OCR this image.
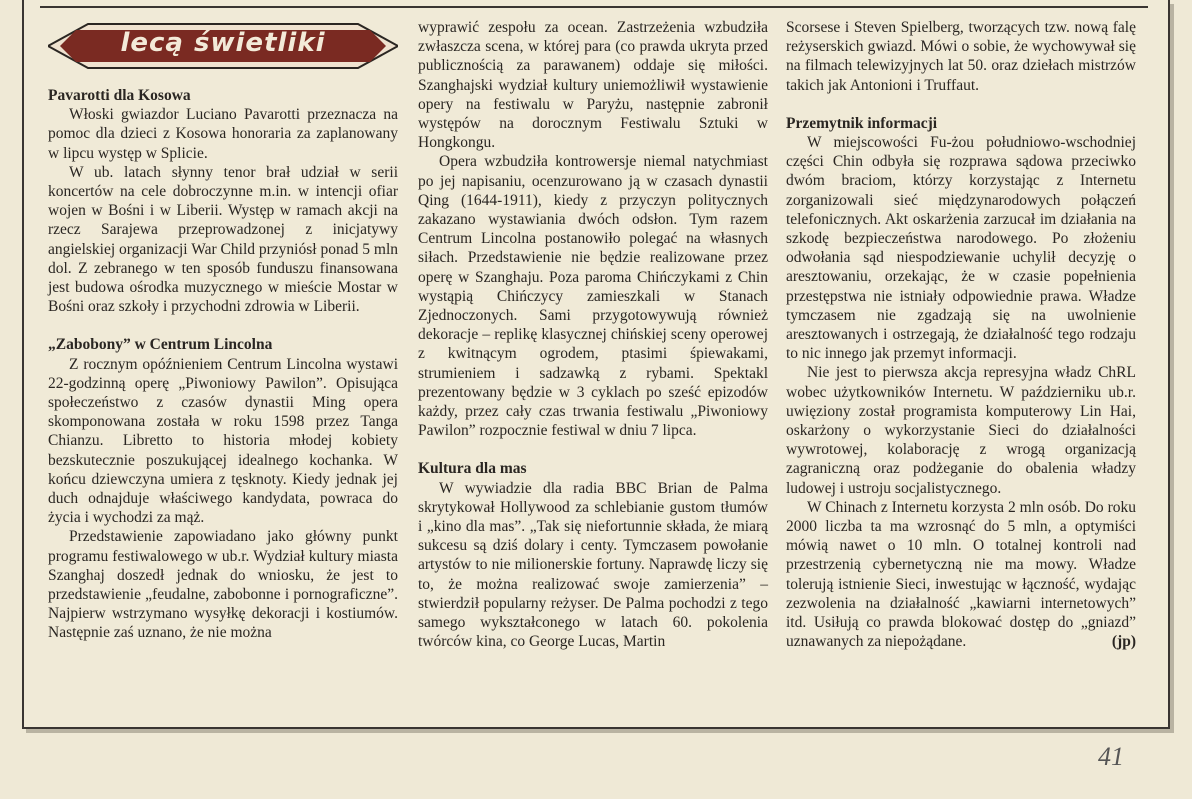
lecą świetliki
Pavarotti dla Kosowa

Włoski gwiazdor Luciano Pavarotti przeznacza na pomoc dla dzieci z Kosowa honoraria za zaplanowany w lipcu występ w Splicie.

W ub. latach słynny tenor brał udział w serii koncertów na cele dobroczynne m.in. w intencji ofiar wojen w Bośni i w Liberii. Występ w ramach akcji na rzecz Sarajewa przeprowadzonej z inicjatywy angielskiej organizacji War Child przyniósł ponad 5 mln dol. Z zebranego w ten sposób funduszu finansowana jest budowa ośrodka muzycznego w mieście Mostar w Bośni oraz szkoły i przychodni zdrowia w Liberii.

„Zabobony” w Centrum Lincolna

Z rocznym opóźnieniem Centrum Lincolna wystawi 22-godzinną operę „Piwoniowy Pawilon”. Opisująca społeczeństwo z czasów dynastii Ming opera skomponowana została w roku 1598 przez Tanga Chianzu. Libretto to historia młodej kobiety bezskutecznie poszukującej idealnego kochanka. W końcu dziewczyna umiera z tęsknoty. Kiedy jednak jej duch odnajduje właściwego kandydata, powraca do życia i wychodzi za mąż.

Przedstawienie zapowiadano jako główny punkt programu festiwalowego w ub.r. Wydział kultury miasta Szanghaj doszedł jednak do wniosku, że jest to przedstawienie „feudalne, zabobonne i pornograficzne”. Najpierw wstrzymano wysyłkę dekoracji i kostiumów. Następnie zaś uznano, że nie można

wyprawić zespołu za ocean. Zastrzeżenia wzbudziła zwłaszcza scena, w której para (co prawda ukryta przed publicznością za parawanem) oddaje się miłości. Szanghajski wydział kultury uniemożliwił wystawienie opery na festiwalu w Paryżu, następnie zabronił występów na dorocznym Festiwalu Sztuki w Hongkongu.

Opera wzbudziła kontrowersje niemal natychmiast po jej napisaniu, ocenzurowano ją w czasach dynastii Qing (1644-1911), kiedy z przyczyn politycznych zakazano wystawiania dwóch odsłon. Tym razem Centrum Lincolna postanowiło polegać na własnych siłach. Przedstawienie nie będzie realizowane przez operę w Szanghaju. Poza paroma Chińczykami z Chin wystąpią Chińczycy zamieszkali w Stanach Zjednoczonych. Sami przygotowywują również dekoracje – replikę klasycznej chińskiej sceny operowej z kwitnącym ogrodem, ptasimi śpiewakami, strumieniem i sadzawką z rybami. Spektakl prezentowany będzie w 3 cyklach po sześć epizodów każdy, przez cały czas trwania festiwalu „Piwoniowy Pawilon” rozpocznie festiwal w dniu 7 lipca.

Kultura dla mas

W wywiadzie dla radia BBC Brian de Palma skrytykował Hollywood za schlebianie gustom tłumów i „kino dla mas”. „Tak się niefortunnie składa, że miarą sukcesu są dziś dolary i centy. Tymczasem powołanie artystów to nie milionerskie fortuny. Naprawdę liczy się to, że można realizować swoje zamierzenia” – stwierdził popularny reżyser. De Palma pochodzi z tego samego wykształconego w latach 60. pokolenia twórców kina, co George Lucas, Martin

Scorsese i Steven Spielberg, tworzących tzw. nową falę reżyserskich gwiazd. Mówi o sobie, że wychowywał się na filmach telewizyjnych lat 50. oraz dziełach mistrzów takich jak Antonioni i Truffaut.

Przemytnik informacji

W miejscowości Fu-żou południowo-wschodniej części Chin odbyła się rozprawa sądowa przeciwko dwóm braciom, którzy korzystając z Internetu zorganizowali sieć międzynarodowych połączeń telefonicznych. Akt oskarżenia zarzucał im działania na szkodę bezpieczeństwa narodowego. Po złożeniu odwołania sąd niespodziewanie uchylił decyzję o aresztowaniu, orzekając, że w czasie popełnienia przestępstwa nie istniały odpowiednie prawa. Władze tymczasem nie zgadzają się na uwolnienie aresztowanych i ostrzegają, że działalność tego rodzaju to nic innego jak przemyt informacji.

Nie jest to pierwsza akcja represyjna władz ChRL wobec użytkowników Internetu. W październiku ub.r. uwięziony został programista komputerowy Lin Hai, oskarżony o wykorzystanie Sieci do działalności wywrotowej, kolaborację z wrogą organizacją zagraniczną oraz podżeganie do obalenia władzy ludowej i ustroju socjalistycznego.

W Chinach z Internetu korzysta 2 mln osób. Do roku 2000 liczba ta ma wzrosnąć do 5 mln, a optymiści mówią nawet o 10 mln. O totalnej kontroli nad przestrzenią cybernetyczną nie ma mowy. Władze tolerują istnienie Sieci, inwestując w łączność, wydając zezwolenia na działalność „kawiarni internetowych” itd. Usiłują co prawda blokować dostęp do „gniazd” uznawanych za niepożądane.	(jp)

41
